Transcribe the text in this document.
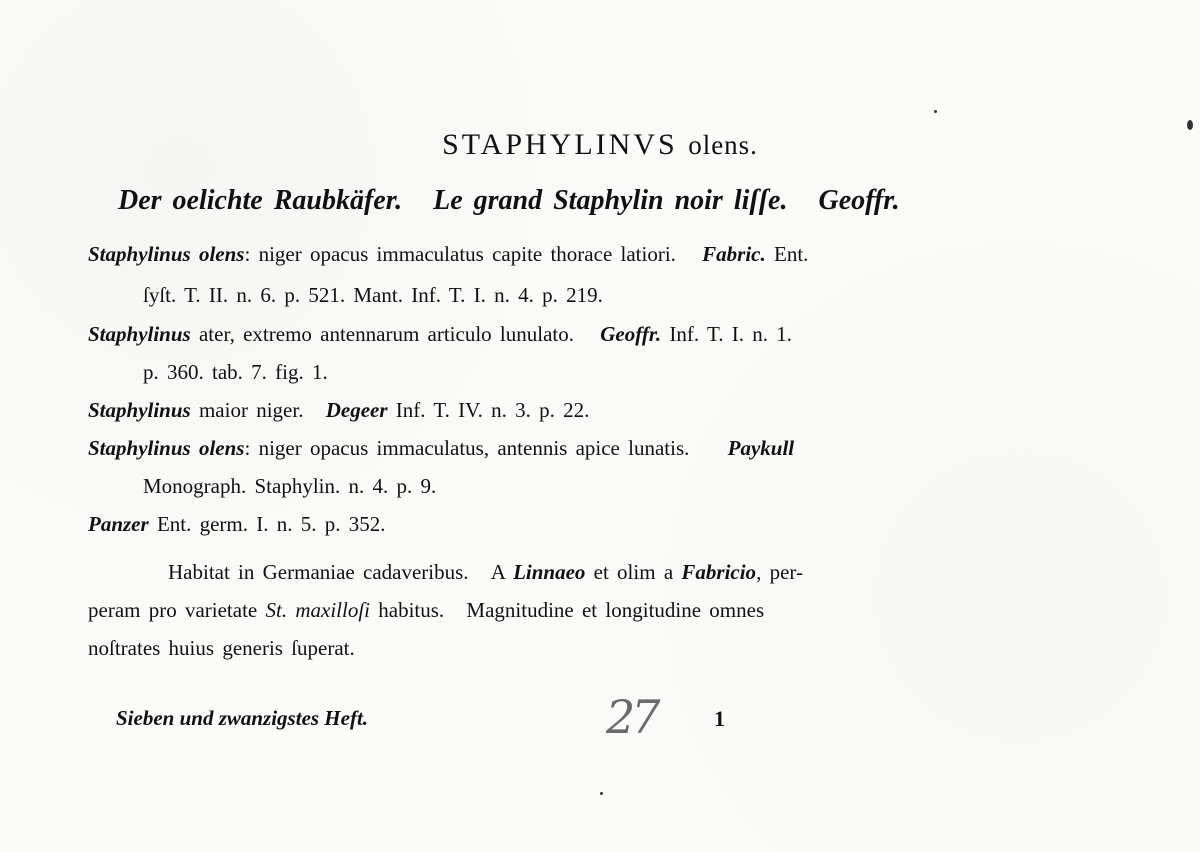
STAPHYLINVS olens.
Der oelichte Raubkäfer. Le grand Staphylin noir liſſe. Geoffr.
Staphylinus olens: niger opacus immaculatus capite thorace latiori. Fabric. Ent.
ſyſt. T. II. n. 6. p. 521. Mant. Inf. T. I. n. 4. p. 219.
Staphylinus ater, extremo antennarum articulo lunulato. Geoffr. Inf. T. I. n. 1.
p. 360. tab. 7. fig. 1.
Staphylinus maior niger. Degeer Inf. T. IV. n. 3. p. 22.
Staphylinus olens: niger opacus immaculatus, antennis apice lunatis. Paykull
Monograph. Staphylin. n. 4. p. 9.
Panzer Ent. germ. I. n. 5. p. 352.
Habitat in Germaniae cadaveribus. A Linnaeo et olim a Fabricio, per-
peram pro varietate St. maxilloſi habitus. Magnitudine et longitudine omnes
noſtrates huius generis ſuperat.
Sieben und zwanzigstes Heft.	27	1
